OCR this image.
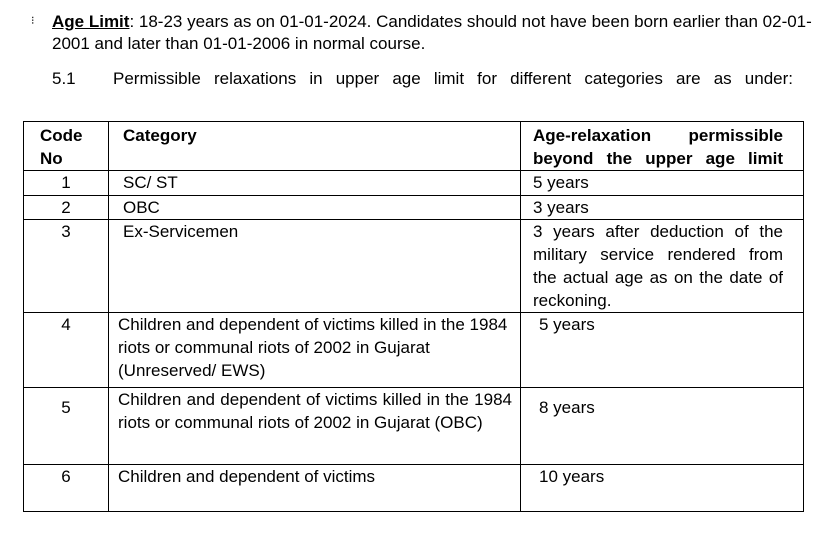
⁝ Age Limit: 18-23 years as on 01-01-2024. Candidates should not have been born earlier than 02-01-2001 and later than 01-01-2006 in normal course.
5.1 Permissible relaxations in upper age limit for different categories are as under:
Code No	Category	Age-relaxation permissible beyond the upper age limit

1	SC/ ST	5 years
2	OBC	3 years
3	Ex-Servicemen	3 years after deduction of the military service rendered from the actual age as on the date of reckoning.
4	Children and dependent of victims killed in the 1984 riots or communal riots of 2002 in Gujarat (Unreserved/ EWS)	5 years
5	Children and dependent of victims killed in the 1984 riots or communal riots of 2002 in Gujarat (OBC)	8 years
6	Children and dependent of victims	10 years
